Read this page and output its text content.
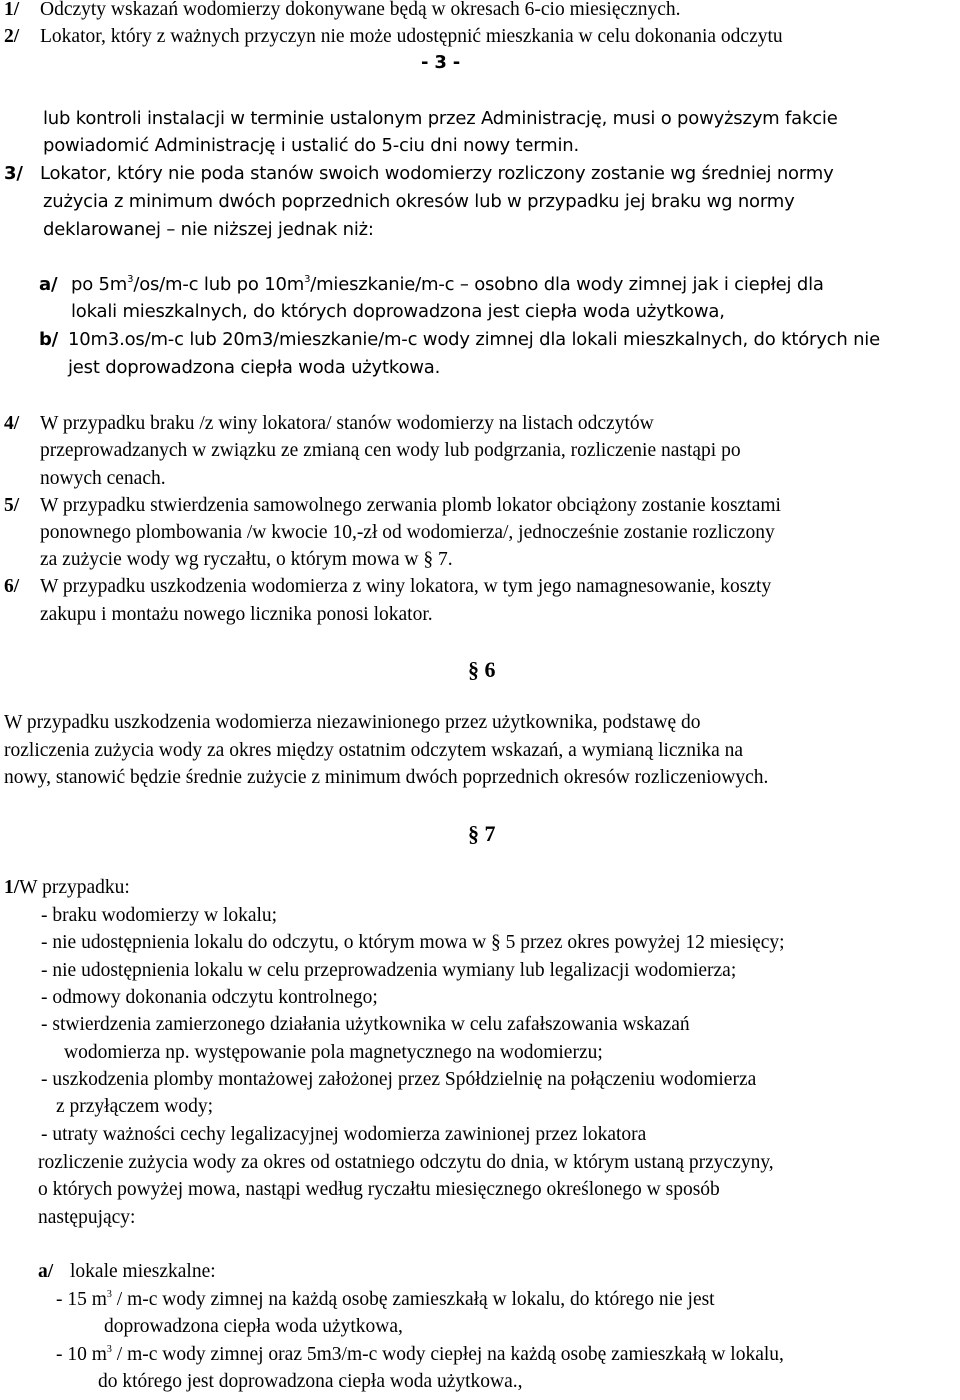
1/ Odczyty wskazań wodomierzy dokonywane będą w okresach 6-cio miesięcznych.
2/ Lokator, który z ważnych przyczyn nie może udostępnić mieszkania w celu dokonania odczytu
- 3 -
lub kontroli instalacji w terminie ustalonym przez Administrację, musi o powyższym fakcie
powiadomić Administrację i ustalić do 5-ciu dni nowy termin.
3/ Lokator, który nie poda stanów swoich wodomierzy rozliczony zostanie wg średniej normy
zużycia z minimum dwóch poprzednich okresów lub w przypadku jej braku wg normy
deklarowanej – nie niższej jednak niż:
a/ po $5m^3/os/m-c$ lub po $10m^3/mieszkanie/m-c$ – osobno dla wody zimnej jak i ciepłej dla
lokali mieszkalnych, do których doprowadzona jest ciepła woda użytkowa,
b/ 10m3.os/m-c lub 20m3/mieszkanie/m-c wody zimnej dla lokali mieszkalnych, do których nie
jest doprowadzona ciepła woda użytkowa.
4/ W przypadku braku /z winy lokatora/ stanów wodomierzy na listach odczytów
przeprowadzanych w związku ze zmianą cen wody lub podgrzania, rozliczenie nastąpi po
nowych cenach.
5/ W przypadku stwierdzenia samowolnego zerwania plomb lokator obciążony zostanie kosztami
ponownego plombowania /w kwocie 10,-zł od wodomierza/, jednocześnie zostanie rozliczony
za zużycie wody wg ryczałtu, o którym mowa w § 7.
6/ W przypadku uszkodzenia wodomierza z winy lokatora, w tym jego namagnesowanie, koszty
zakupu i montażu nowego licznika ponosi lokator.
§ 6
W przypadku uszkodzenia wodomierza niezawinionego przez użytkownika, podstawę do
rozliczenia zużycia wody za okres między ostatnim odczytem wskazań, a wymianą licznika na
nowy, stanowić będzie średnie zużycie z minimum dwóch poprzednich okresów rozliczeniowych.
§ 7
1/W przypadku:
- braku wodomierzy w lokalu;
- nie udostępnienia lokalu do odczytu, o którym mowa w § 5 przez okres powyżej 12 miesięcy;
- nie udostępnienia lokalu w celu przeprowadzenia wymiany lub legalizacji wodomierza;
- odmowy dokonania odczytu kontrolnego;
- stwierdzenia zamierzonego działania użytkownika w celu zafałszowania wskazań
wodomierza np. występowanie pola magnetycznego na wodomierzu;
- uszkodzenia plomby montażowej założonej przez Spółdzielnię na połączeniu wodomierza
z przyłączem wody;
- utraty ważności cechy legalizacyjnej wodomierza zawinionej przez lokatora
rozliczenie zużycia wody za okres od ostatniego odczytu do dnia, w którym ustaną przyczyny,
o których powyżej mowa, nastąpi według ryczałtu miesięcznego określonego w sposób
następujący:
a/ lokale mieszkalne:
- 15 $m^3 / m-c$ wody zimnej na każdą osobę zamieszkałą w lokalu, do którego nie jest
doprowadzona ciepła woda użytkowa,
- 10 $m^3 / m-c$ wody zimnej oraz 5m3/m-c wody ciepłej na każdą osobę zamieszkałą w lokalu,
do którego jest doprowadzona ciepła woda użytkowa.,
